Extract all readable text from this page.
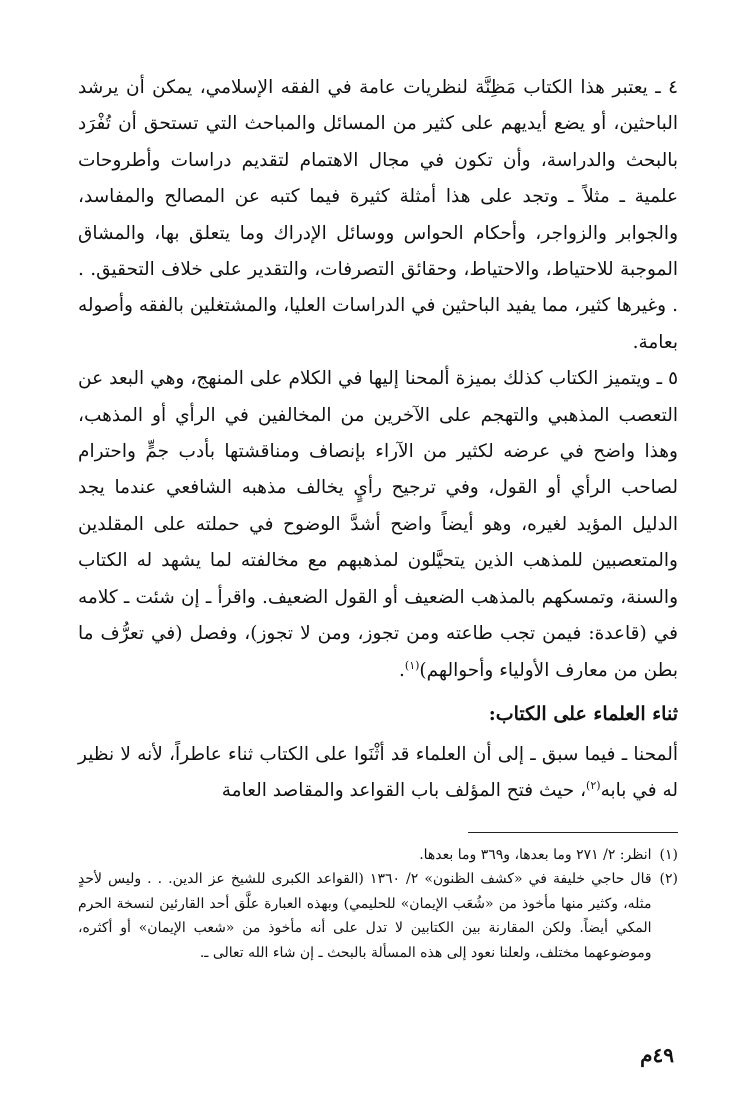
٤ ـ يعتبر هذا الكتاب مَظِنَّة لنظريات عامة في الفقه الإسلامي، يمكن أن يرشد الباحثين، أو يضع أيديهم على كثير من المسائل والمباحث التي تستحق أن تُفْرَد بالبحث والدراسة، وأن تكون في مجال الاهتمام لتقديم دراسات وأطروحات علمية ـ مثلاً ـ وتجد على هذا أمثلة كثيرة فيما كتبه عن المصالح والمفاسد، والجوابر والزواجر، وأحكام الحواس ووسائل الإدراك وما يتعلق بها، والمشاق الموجبة للاحتياط، والاحتياط، وحقائق التصرفات، والتقدير على خلاف التحقيق. . . وغيرها كثير، مما يفيد الباحثين في الدراسات العليا، والمشتغلين بالفقه وأصوله بعامة.

٥ ـ ويتميز الكتاب كذلك بميزة ألمحنا إليها في الكلام على المنهج، وهي البعد عن التعصب المذهبي والتهجم على الآخرين من المخالفين في الرأي أو المذهب، وهذا واضح في عرضه لكثير من الآراء بإنصاف ومناقشتها بأدب جمٍّ واحترام لصاحب الرأي أو القول، وفي ترجيح رأيٍ يخالف مذهبه الشافعي عندما يجد الدليل المؤيد لغيره، وهو أيضاً واضح أشدَّ الوضوح في حملته على المقلدين والمتعصبين للمذهب الذين يتحيَّلون لمذهبهم مع مخالفته لما يشهد له الكتاب والسنة، وتمسكهم بالمذهب الضعيف أو القول الضعيف. واقرأ ـ إن شئت ـ كلامه في (قاعدة: فيمن تجب طاعته ومن تجوز، ومن لا تجوز)، وفصل (في تعرُّف ما بطن من معارف الأولياء وأحوالهم)$^{(١)}$.

ثناء العلماء على الكتاب:

ألمحنا ـ فيما سبق ـ إلى أن العلماء قد أثْنَوا على الكتاب ثناء عاطراً، لأنه لا نظير له في بابه$^{(٢)}$، حيث فتح المؤلف باب القواعد والمقاصد العامة

(١)
انظر: ٢/ ٢٧١ وما بعدها، و٣٦٩ وما بعدها.
(٢)
قال حاجي خليفة في «كشف الظنون» ٢/ ١٣٦٠ (القواعد الكبرى للشيخ عز الدين. . . وليس لأحدٍ مثله، وكثير منها مأخوذ من «شُعَب الإيمان» للحليمي) وبهذه العبارة علَّق أحد القارئين لنسخة الحرم المكي أيضاً. ولكن المقارنة بين الكتابين لا تدل على أنه مأخوذ من «شعب الإيمان» أو أكثره، وموضوعهما مختلف، ولعلنا نعود إلى هذه المسألة بالبحث ـ إن شاء الله تعالى ـ.
٤٩م
